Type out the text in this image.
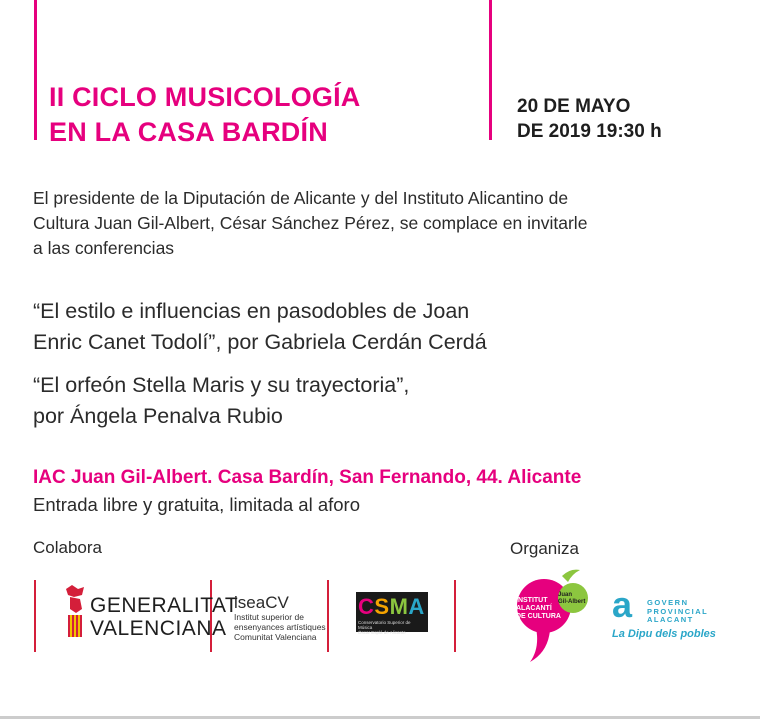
II CICLO MUSICOLOGÍA
EN LA CASA BARDÍN
20 DE MAYO
DE 2019 19:30 h
El presidente de la Diputación de Alicante y del Instituto Alicantino de
Cultura Juan Gil-Albert, César Sánchez Pérez, se complace en invitarle
a las conferencias
“El estilo e influencias en pasodobles de Joan
Enric Canet Todolí”, por Gabriela Cerdán Cerdá
“El orfeón Stella Maris y su trayectoria”,
por Ángela Penalva Rubio
IAC Juan Gil-Albert. Casa Bardín, San Fernando, 44. Alicante
Entrada libre y gratuita, limitada al aforo
Colabora	Organiza
GENERALITAT
VALENCIANA
iseaCV
Institut superior de
ensenyances artístiques
Comunitat Valenciana
CSMA
Conservatorio Superior de Música
Óscar Esplá de Alicante
INSTITUT
ALACANTÍ
DE CULTURA
Juan
Gil-Albert a GOVERN
PROVINCIAL
ALACANT
La Dipu dels pobles
